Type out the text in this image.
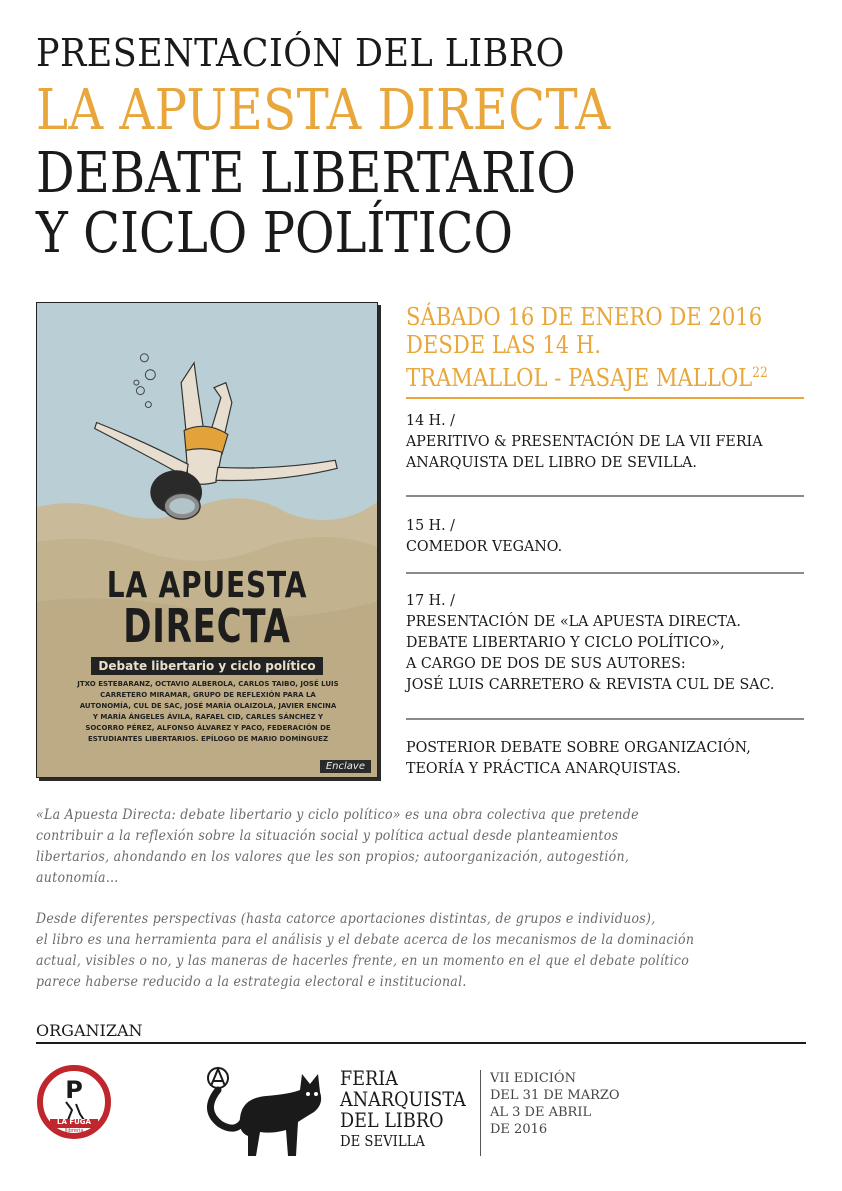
PRESENTACIÓN DEL LIBRO
LA APUESTA DIRECTA
DEBATE LIBERTARIO
Y CICLO POLÍTICO
LA APUESTA
DIRECTA
Debate libertario y ciclo político
JTXO ESTEBARANZ, OCTAVIO ALBEROLA, CARLOS TAIBO, JOSÉ LUIS CARRETERO MIRAMAR, GRUPO DE REFLEXIÓN PARA LA AUTONOMÍA, CUL DE SAC, JOSÉ MARÍA OLAIZOLA, JAVIER ENCINA Y MARÍA ÁNGELES ÁVILA, RAFAEL CID, CARLES SÁNCHEZ Y SOCORRO PÉREZ, ALFONSO ÁLVAREZ Y PACO, FEDERACIÓN DE ESTUDIANTES LIBERTARIOS. EPÍLOGO DE MARIO DOMÍNGUEZ
Enclave
SÁBADO 16 DE ENERO DE 2016
DESDE LAS 14 H.
TRAMALLOL - PASAJE MALLOL$^{22}$
14 H. /
APERITIVO & PRESENTACIÓN DE LA VII FERIA
ANARQUISTA DEL LIBRO DE SEVILLA.
15 H. /
COMEDOR VEGANO.
17 H. /
PRESENTACIÓN DE «LA APUESTA DIRECTA.
DEBATE LIBERTARIO Y CICLO POLÍTICO»,
A CARGO DE DOS DE SUS AUTORES:
JOSÉ LUIS CARRETERO & REVISTA CUL DE SAC.
POSTERIOR DEBATE SOBRE ORGANIZACIÓN,
TEORÍA Y PRÁCTICA ANARQUISTAS.
«La Apuesta Directa: debate libertario y ciclo político» es una obra colectiva que pretende
contribuir a la reflexión sobre la situación social y política actual desde planteamientos
libertarios, ahondando en los valores que les son propios; autoorganización, autogestión,
autonomía…
Desde diferentes perspectivas (hasta catorce aportaciones distintas, de grupos e individuos),
el libro es una herramienta para el análisis y el debate acerca de los mecanismos de la dominación
actual, visibles o no, y las maneras de hacerles frente, en un momento en el que el debate político
parece haberse reducido a la estrategia electoral e institucional.
ORGANIZAN
P
LA FUGA
llibreria
FERIA
ANARQUISTA
DEL LIBRO
DE SEVILLA
VII EDICIÓN
DEL 31 DE MARZO
AL 3 DE ABRIL
DE 2016
